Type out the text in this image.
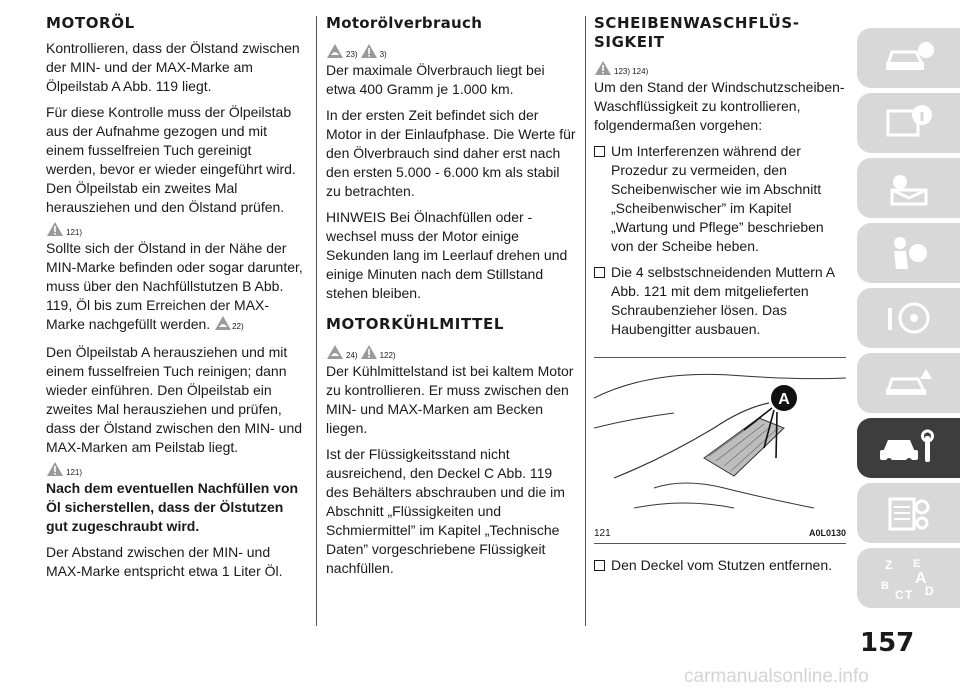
MOTORÖL

Kontrollieren, dass der Ölstand zwischen der MIN- und der MAX-Marke am Ölpeilstab A Abb. 119 liegt.

Für diese Kontrolle muss der Ölpeilstab aus der Aufnahme gezogen und mit einem fusselfreien Tuch gereinigt werden, bevor er wieder eingeführt wird. Den Ölpeilstab ein zweites Mal herausziehen und den Ölstand prüfen.

121)

Sollte sich der Ölstand in der Nähe der MIN-Marke befinden oder sogar darunter, muss über den Nachfüllstutzen B Abb. 119, Öl bis zum Erreichen der MAX-Marke nachgefüllt werden.	22)

Den Ölpeilstab A herausziehen und mit einem fusselfreien Tuch reinigen; dann wieder einführen. Den Ölpeilstab ein zweites Mal herausziehen und prüfen, dass der Ölstand zwischen den MIN- und MAX-Marken am Peilstab liegt.

121)

Nach dem eventuellen Nachfüllen von Öl sicherstellen, dass der Ölstutzen gut zugeschraubt wird.

Der Abstand zwischen der MIN- und MAX-Marke entspricht etwa 1 Liter Öl.

Motorölverbrauch
23)	3)

Der maximale Ölverbrauch liegt bei etwa 400 Gramm je 1.000 km.

In der ersten Zeit befindet sich der Motor in der Einlaufphase. Die Werte für den Ölverbrauch sind daher erst nach den ersten 5.000 - 6.000 km als stabil zu betrachten.

HINWEIS Bei Ölnachfüllen oder -wechsel muss der Motor einige Sekunden lang im Leerlauf drehen und einige Minuten nach dem Stillstand stehen bleiben.

MOTORKÜHLMITTEL
24)	122)

Der Kühlmittelstand ist bei kaltem Motor zu kontrollieren. Er muss zwischen den MIN- und MAX-Marken am Becken liegen.

Ist der Flüssigkeitsstand nicht ausreichend, den Deckel C Abb. 119 des Behälters abschrauben und die im Abschnitt „Flüssigkeiten und Schmiermittel” im Kapitel „Technische Daten” vorgeschriebene Flüssigkeit nachfüllen.

SCHEIBENWASCHFLÜS-
SIGKEIT
123) 124)

Um den Stand der Windschutzscheiben-Waschflüssigkeit zu kontrollieren, folgendermaßen vorgehen:

Um Interferenzen während der Prozedur zu vermeiden, den Scheibenwischer wie im Abschnitt „Scheibenwischer” im Kapitel „Wartung und Pflege” beschrieben von der Scheibe heben.
Die 4 selbstschneidenden Muttern A Abb. 121 mit dem mitgelieferten Schraubenzieher lösen. Das Haubengitter ausbauen.
A
121	A0L0130
Den Deckel vom Stutzen entfernen.	Z E
A
B
C T D
157
carmanualsonline.info
